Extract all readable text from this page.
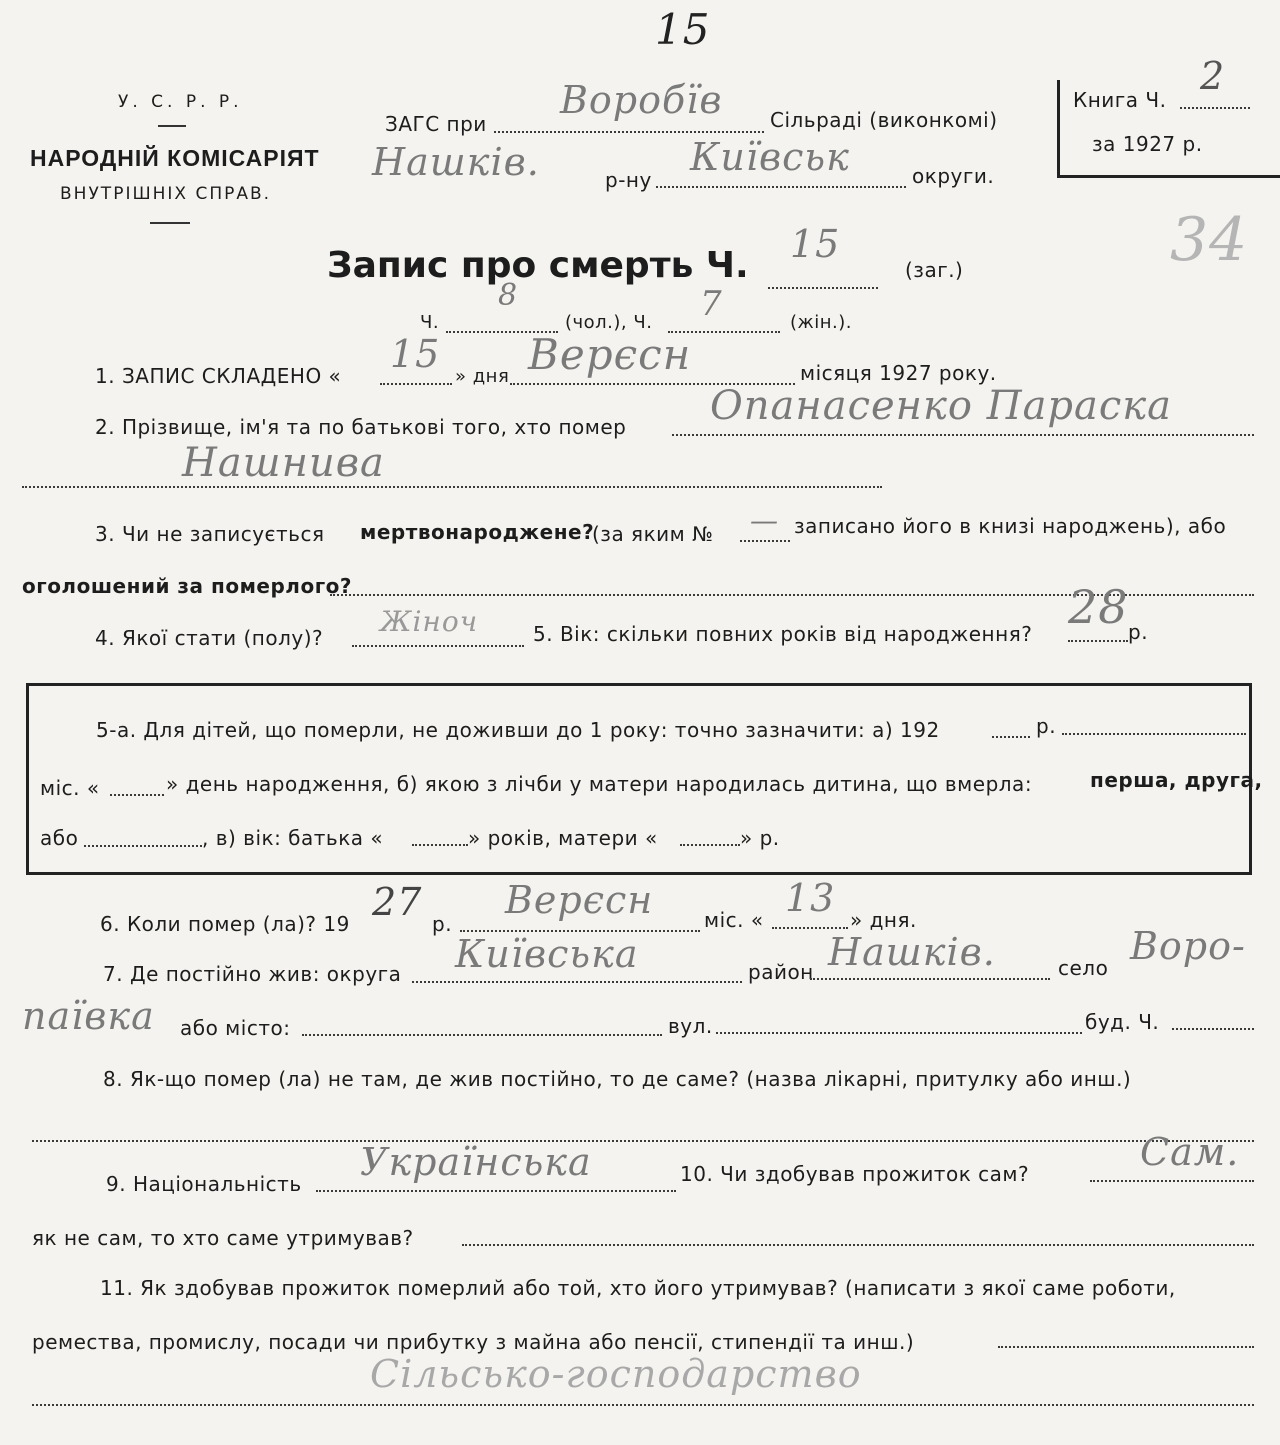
15
У. С. Р. Р.
НАРОДНІЙ КОМІСАРІЯТ
ВНУТРІШНІХ СПРАВ.
ЗАГС при
Воробїв Сільраді (виконкомі)
Нашків.	р-ну
Київськ	округи.
Книга Ч.
2
за 1927 р.
34
Запис про смерть Ч. 15
(заг.)
Ч.
8
(чол.), Ч. 7	(жін.).
1. ЗАПИС СКЛАДЕНО « 15
» дня Верєсн	місяця 1927 року.
2. Прізвище, ім'я та по батькові того, хто помер Опанасенко Параска
Нашнива
3. Чи не записується мертвонароджене?
(за яким № — записано його в книзі народжень), або
оголошений за померлого?
4. Якої стати (полу)? Жіноч	5. Вік: скільки повних років від народження? 28 р.
5-а. Для дітей, що померли, не доживши до 1 року: точно зазначити: а) 192	р.
міс. «	» день народження, б) якою з лічби у матери народилась дитина, що вмерла:	перша, друга,
або	, в) вік: батька «	» років, матери «	» р.
6. Коли помер (ла)? 19 27 р.
Верєсн	міс. « 13 » дня.
7. Де постійно жив: округа Київська	район Нашків.	село Воро-
паївка або місто:	вул.	буд. Ч.
8. Як-що помер (ла) не там, де жив постійно, то де саме? (назва лікарні, притулку або инш.)
9. Національність Українська	10. Чи здобував прожиток сам?	Сам.
як не сам, то хто саме утримував?
11. Як здобував прожиток померлий або той, хто його утримував? (написати з якої саме роботи,
ремества, промислу, посади чи прибутку з майна або пенсії, стипендії та инш.)
Сільсько-господарство
